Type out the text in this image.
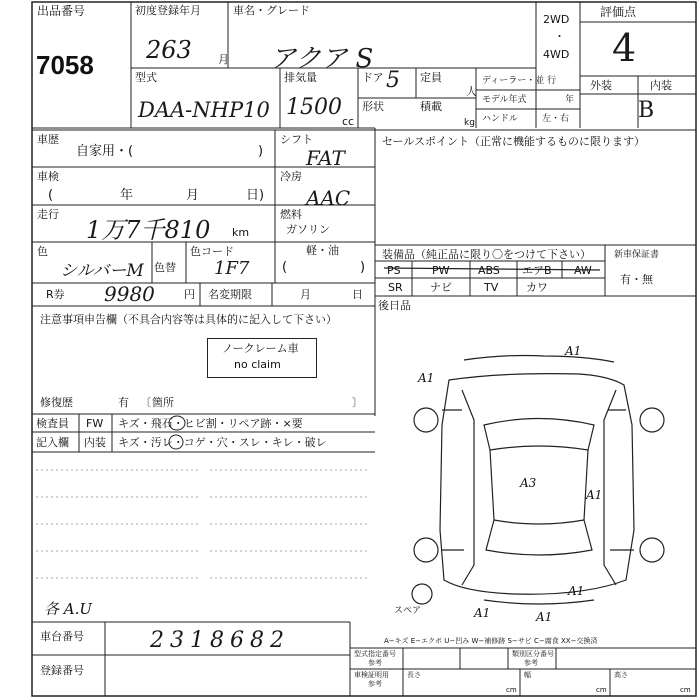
出品番号
7058
初度登録年月
263 月
車名・グレード
アクア S
2WD
・
4WD
評価点
4
外装	内装
B
型式
DAA-NHP10
排気量
1500
cc
ドア 5 定員
人
形状	積載
kg
ディーラー・並 行
モデル年式	年
ハンドル	左・右
車歴
自家用・(	)
車検
(	年	月	日)
走行
1万7千810 km
色
シルバーM 色替
色コード
1F7
シフト
FAT
冷房
AAC
燃料
ガソリン
軽・油
(	)
セールスポイント（正常に機能するものに限ります）
装備品（純正品に限り〇をつけて下さい）
PS	PW	ABS エアB AW
SR ナビ	TV	カワ
新車保証書
有・無
R券 9980	円 名変期限	月	日
後日品
注意事項申告欄（不具合内容等は具体的に記入して下さい）
ノークレーム車
no claim
修復歴	有 〔 箇所	〕
検査員
記入欄
FW
内装
キズ・飛石・ヒビ割・リペア跡・×要
キズ・汚レ・コゲ・穴・スレ・キレ・破レ
各 A.U
車台番号	2318682
登録番号
A1
A1
A3
A1
A1	A1
A1
スペア
A−キズ E−エクボ U−凹み W−補修跡 S−サビ C−腐食 XX−交換済
型式指定番号
参考
類別区分番号
参考
車検証明用
参考
長さ
cm
幅
cm
高さ
cm
